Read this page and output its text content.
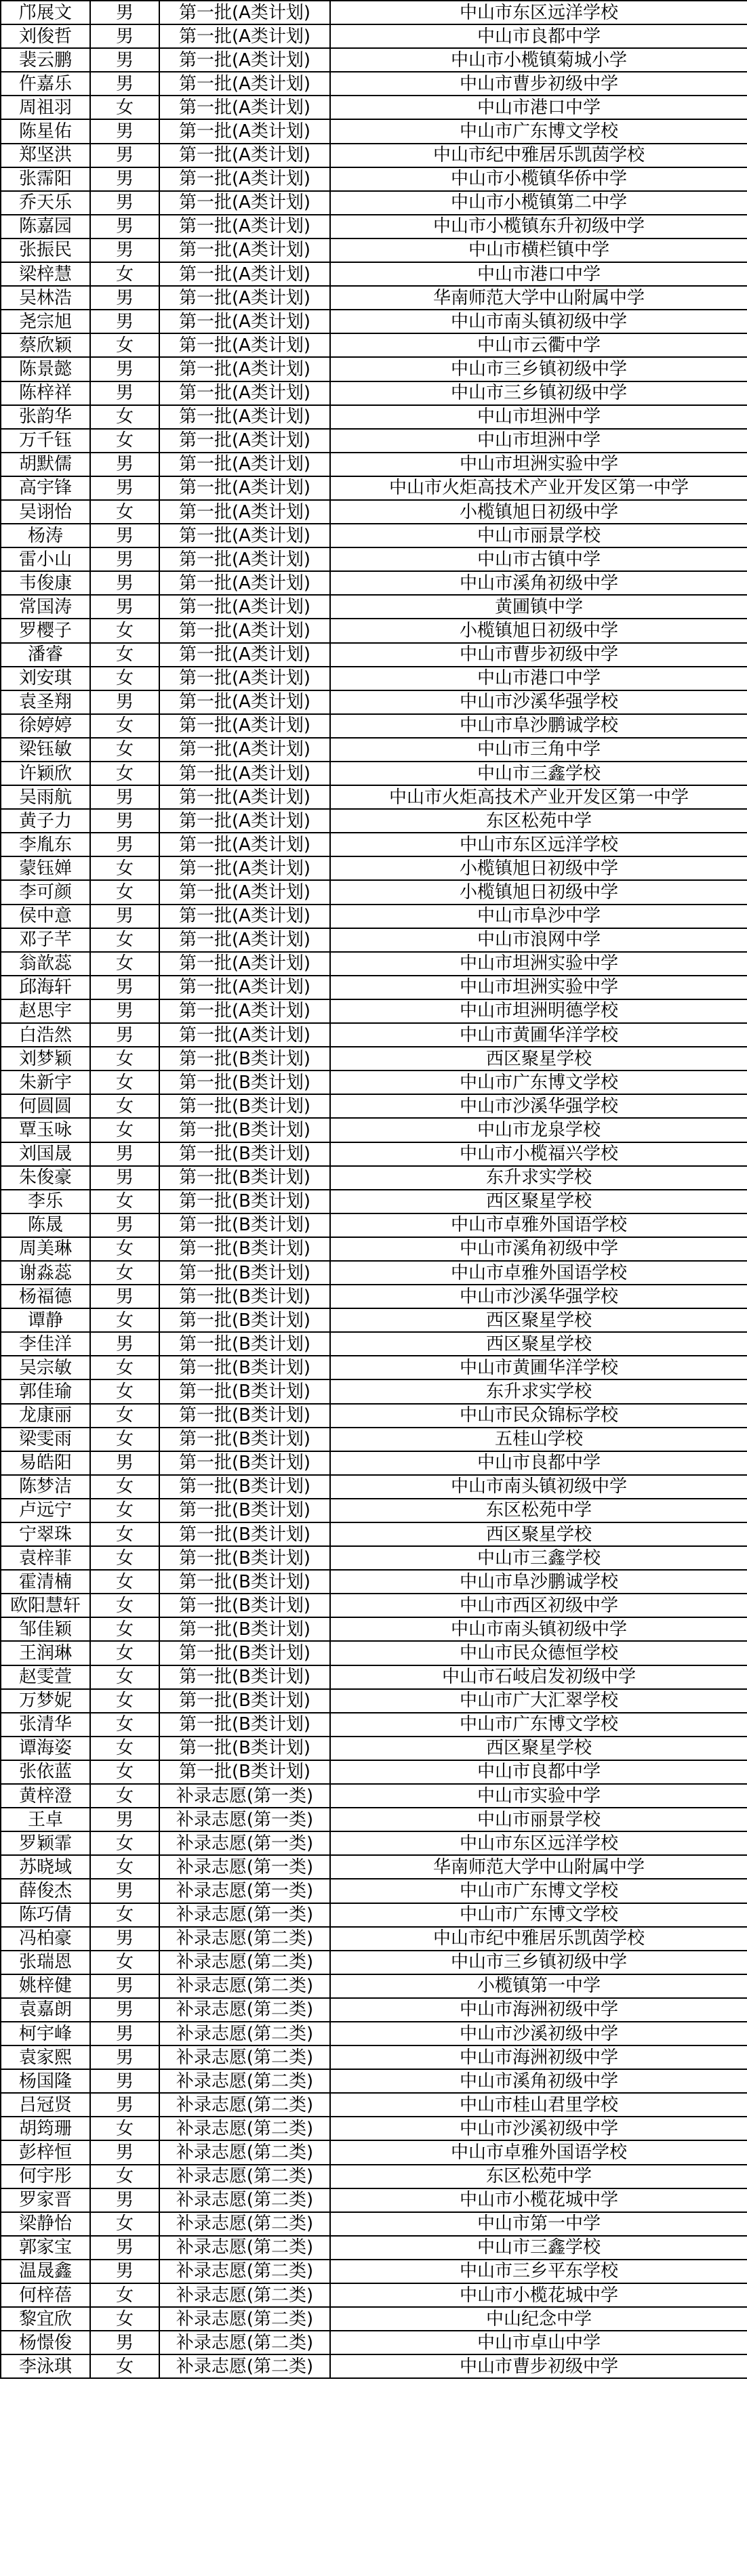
邝展文	男	第一批(A类计划)	中山市东区远洋学校
刘俊哲	男	第一批(A类计划)	中山市良都中学
裴云鹏	男	第一批(A类计划)	中山市小榄镇菊城小学
仵嘉乐	男	第一批(A类计划)	中山市曹步初级中学
周祖羽	女	第一批(A类计划)	中山市港口中学
陈星佑	男	第一批(A类计划)	中山市广东博文学校
郑坚洪	男	第一批(A类计划)	中山市纪中雅居乐凯茵学校
张霈阳	男	第一批(A类计划)	中山市小榄镇华侨中学
乔天乐	男	第一批(A类计划)	中山市小榄镇第二中学
陈嘉园	男	第一批(A类计划)	中山市小榄镇东升初级中学
张振民	男	第一批(A类计划)	中山市横栏镇中学
梁梓慧	女	第一批(A类计划)	中山市港口中学
吴林浩	男	第一批(A类计划)	华南师范大学中山附属中学
尧宗旭	男	第一批(A类计划)	中山市南头镇初级中学
蔡欣颖	女	第一批(A类计划)	中山市云衢中学
陈景懿	男	第一批(A类计划)	中山市三乡镇初级中学
陈梓祥	男	第一批(A类计划)	中山市三乡镇初级中学
张韵华	女	第一批(A类计划)	中山市坦洲中学
万千钰	女	第一批(A类计划)	中山市坦洲中学
胡默儒	男	第一批(A类计划)	中山市坦洲实验中学
高宇锋	男	第一批(A类计划)	中山市火炬高技术产业开发区第一中学
吴诩怡	女	第一批(A类计划)	小榄镇旭日初级中学
杨涛	男	第一批(A类计划)	中山市丽景学校
雷小山	男	第一批(A类计划)	中山市古镇中学
韦俊康	男	第一批(A类计划)	中山市溪角初级中学
常国涛	男	第一批(A类计划)	黄圃镇中学
罗樱子	女	第一批(A类计划)	小榄镇旭日初级中学
潘睿	女	第一批(A类计划)	中山市曹步初级中学
刘安琪	女	第一批(A类计划)	中山市港口中学
袁圣翔	男	第一批(A类计划)	中山市沙溪华强学校
徐婷婷	女	第一批(A类计划)	中山市阜沙鹏诚学校
梁钰敏	女	第一批(A类计划)	中山市三角中学
许颖欣	女	第一批(A类计划)	中山市三鑫学校
吴雨航	男	第一批(A类计划)	中山市火炬高技术产业开发区第一中学
黄子力	男	第一批(A类计划)	东区松苑中学
李胤东	男	第一批(A类计划)	中山市东区远洋学校
蒙钰婵	女	第一批(A类计划)	小榄镇旭日初级中学
李可颜	女	第一批(A类计划)	小榄镇旭日初级中学
侯中意	男	第一批(A类计划)	中山市阜沙中学
邓子芊	女	第一批(A类计划)	中山市浪网中学
翁歆蕊	女	第一批(A类计划)	中山市坦洲实验中学
邱海轩	男	第一批(A类计划)	中山市坦洲实验中学
赵思宇	男	第一批(A类计划)	中山市坦洲明德学校
白浩然	男	第一批(A类计划)	中山市黄圃华洋学校
刘梦颖	女	第一批(B类计划)	西区聚星学校
朱新宇	女	第一批(B类计划)	中山市广东博文学校
何圆圆	女	第一批(B类计划)	中山市沙溪华强学校
覃玉咏	女	第一批(B类计划)	中山市龙泉学校
刘国晟	男	第一批(B类计划)	中山市小榄福兴学校
朱俊豪	男	第一批(B类计划)	东升求实学校
李乐	女	第一批(B类计划)	西区聚星学校
陈晟	男	第一批(B类计划)	中山市卓雅外国语学校
周美琳	女	第一批(B类计划)	中山市溪角初级中学
谢淼蕊	女	第一批(B类计划)	中山市卓雅外国语学校
杨福德	男	第一批(B类计划)	中山市沙溪华强学校
谭静	女	第一批(B类计划)	西区聚星学校
李佳洋	男	第一批(B类计划)	西区聚星学校
吴宗敏	女	第一批(B类计划)	中山市黄圃华洋学校
郭佳瑜	女	第一批(B类计划)	东升求实学校
龙康丽	女	第一批(B类计划)	中山市民众锦标学校
梁雯雨	女	第一批(B类计划)	五桂山学校
易皓阳	男	第一批(B类计划)	中山市良都中学
陈梦洁	女	第一批(B类计划)	中山市南头镇初级中学
卢远宁	女	第一批(B类计划)	东区松苑中学
宁翠珠	女	第一批(B类计划)	西区聚星学校
袁梓菲	女	第一批(B类计划)	中山市三鑫学校
霍清楠	女	第一批(B类计划)	中山市阜沙鹏诚学校
欧阳慧轩	女	第一批(B类计划)	中山市西区初级中学
邹佳颖	女	第一批(B类计划)	中山市南头镇初级中学
王润琳	女	第一批(B类计划)	中山市民众德恒学校
赵雯萱	女	第一批(B类计划)	中山市石岐启发初级中学
万梦妮	女	第一批(B类计划)	中山市广大汇翠学校
张清华	女	第一批(B类计划)	中山市广东博文学校
谭海姿	女	第一批(B类计划)	西区聚星学校
张依蓝	女	第一批(B类计划)	中山市良都中学
黄梓澄	女	补录志愿(第一类)	中山市实验中学
王卓	男	补录志愿(第一类)	中山市丽景学校
罗颖霏	女	补录志愿(第一类)	中山市东区远洋学校
苏晓域	女	补录志愿(第一类)	华南师范大学中山附属中学
薛俊杰	男	补录志愿(第一类)	中山市广东博文学校
陈巧倩	女	补录志愿(第一类)	中山市广东博文学校
冯柏豪	男	补录志愿(第二类)	中山市纪中雅居乐凯茵学校
张瑞恩	女	补录志愿(第二类)	中山市三乡镇初级中学
姚梓健	男	补录志愿(第二类)	小榄镇第一中学
袁嘉朗	男	补录志愿(第二类)	中山市海洲初级中学
柯宇峰	男	补录志愿(第二类)	中山市沙溪初级中学
袁家熙	男	补录志愿(第二类)	中山市海洲初级中学
杨国隆	男	补录志愿(第二类)	中山市溪角初级中学
吕冠贤	男	补录志愿(第二类)	中山市桂山君里学校
胡筠珊	女	补录志愿(第二类)	中山市沙溪初级中学
彭梓恒	男	补录志愿(第二类)	中山市卓雅外国语学校
何宇彤	女	补录志愿(第二类)	东区松苑中学
罗家晋	男	补录志愿(第二类)	中山市小榄花城中学
梁静怡	女	补录志愿(第二类)	中山市第一中学
郭家宝	男	补录志愿(第二类)	中山市三鑫学校
温晟鑫	男	补录志愿(第二类)	中山市三乡平东学校
何梓蓓	女	补录志愿(第二类)	中山市小榄花城中学
黎宜欣	女	补录志愿(第二类)	中山纪念中学
杨憬俊	男	补录志愿(第二类)	中山市卓山中学
李泳琪	女	补录志愿(第二类)	中山市曹步初级中学
